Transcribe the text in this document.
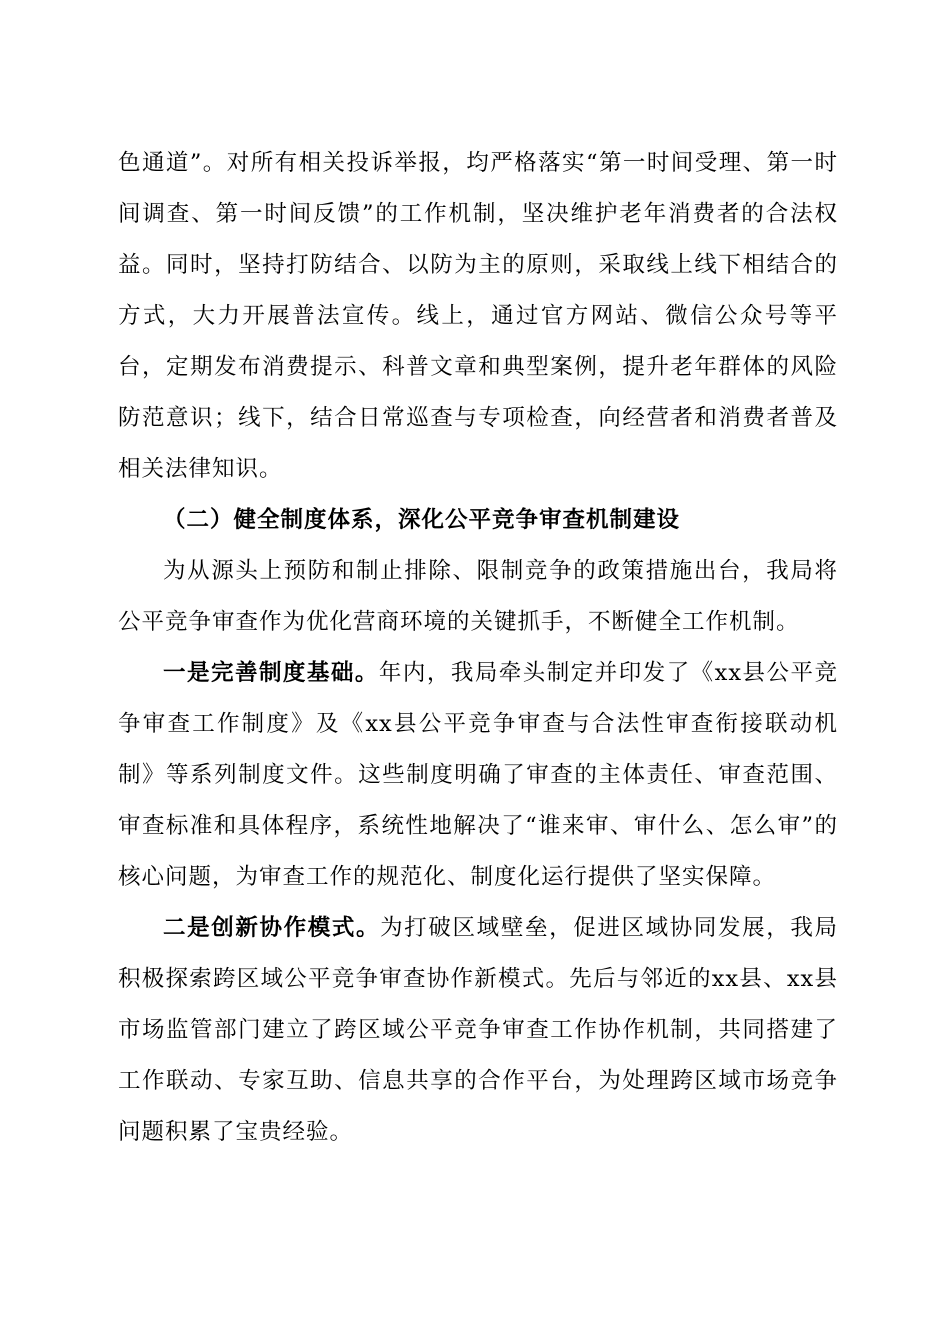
色通道”。对所有相关投诉举报，均严格落实“第一时间受理、第一时间调查、第一时间反馈”的工作机制，坚决维护老年消费者的合法权益。同时，坚持打防结合、以防为主的原则，采取线上线下相结合的方式，大力开展普法宣传。线上，通过官方网站、微信公众号等平台，定期发布消费提示、科普文章和典型案例，提升老年群体的风险防范意识；线下，结合日常巡查与专项检查，向经营者和消费者普及相关法律知识。

（二）健全制度体系，深化公平竞争审查机制建设

为从源头上预防和制止排除、限制竞争的政策措施出台，我局将公平竞争审查作为优化营商环境的关键抓手，不断健全工作机制。

一是完善制度基础。年内，我局牵头制定并印发了《xx县公平竞争审查工作制度》及《xx县公平竞争审查与合法性审查衔接联动机制》等系列制度文件。这些制度明确了审查的主体责任、审查范围、审查标准和具体程序，系统性地解决了“谁来审、审什么、怎么审”的核心问题，为审查工作的规范化、制度化运行提供了坚实保障。

二是创新协作模式。为打破区域壁垒，促进区域协同发展，我局积极探索跨区域公平竞争审查协作新模式。先后与邻近的xx县、xx县市场监管部门建立了跨区域公平竞争审查工作协作机制，共同搭建了工作联动、专家互助、信息共享的合作平台，为处理跨区域市场竞争问题积累了宝贵经验。
